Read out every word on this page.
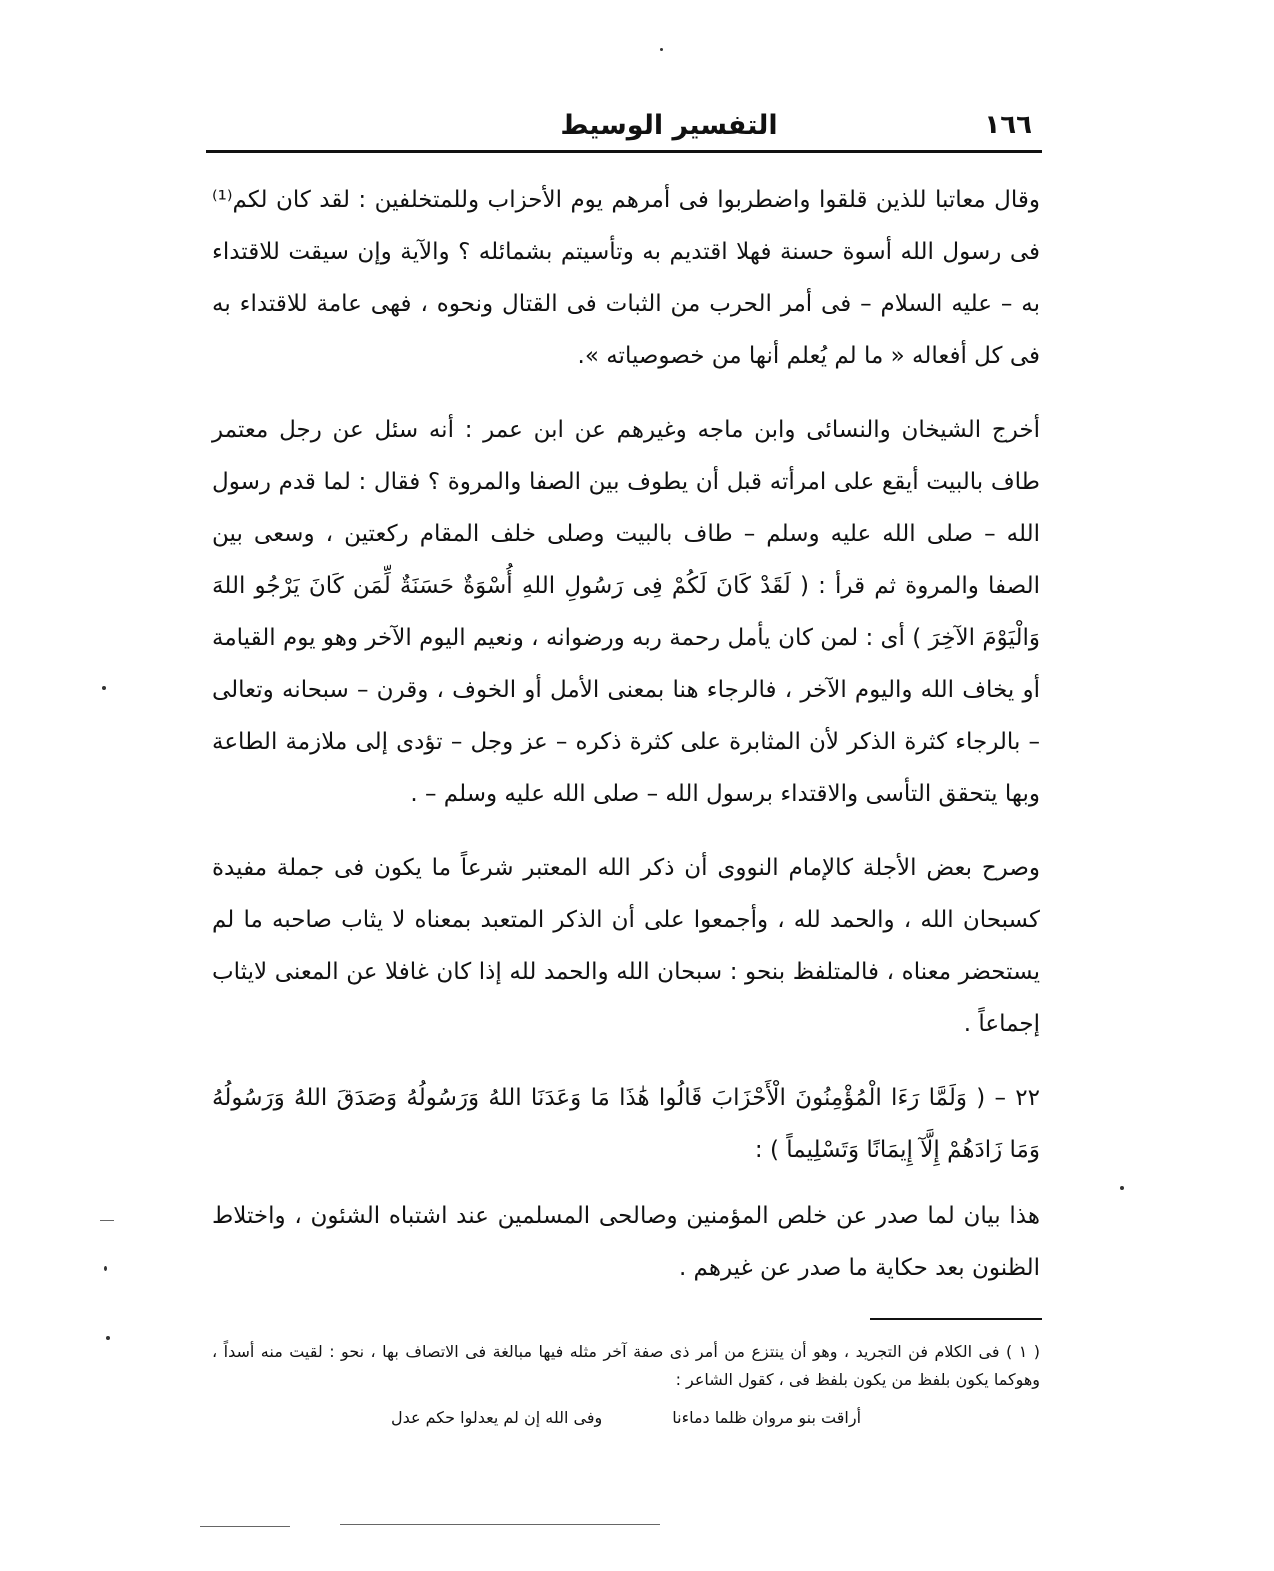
١٦٦
التفسير الوسيط

وقال معاتبا للذين قلقوا واضطربوا فى أمرهم يوم الأحزاب وللمتخلفين : لقد كان لكم⁽¹⁾ فى رسول الله أسوة حسنة فهلا اقتديم به وتأسيتم بشمائله ؟ والآية وإن سيقت للاقتداء به – عليه السلام – فى أمر الحرب من الثبات فى القتال ونحوه ، فهى عامة للاقتداء به فى كل أفعاله « ما لم يُعلم أنها من خصوصياته ».

أخرج الشيخان والنسائى وابن ماجه وغيرهم عن ابن عمر : أنه سئل عن رجل معتمر طاف بالبيت أيقع على امرأته قبل أن يطوف بين الصفا والمروة ؟ فقال : لما قدم رسول الله – صلى الله عليه وسلم – طاف بالبيت وصلى خلف المقام ركعتين ، وسعى بين الصفا والمروة ثم قرأ : ( لَقَدْ كَانَ لَكُمْ فِى رَسُولِ اللهِ أُسْوَةٌ حَسَنَةٌ لِّمَن كَانَ يَرْجُو اللهَ وَالْيَوْمَ الآخِرَ ) أى : لمن كان يأمل رحمة ربه ورضوانه ، ونعيم اليوم الآخر وهو يوم القيامة أو يخاف الله واليوم الآخر ، فالرجاء هنا بمعنى الأمل أو الخوف ، وقرن – سبحانه وتعالى – بالرجاء كثرة الذكر لأن المثابرة على كثرة ذكره – عز وجل – تؤدى إلى ملازمة الطاعة وبها يتحقق التأسى والاقتداء برسول الله – صلى الله عليه وسلم – .

وصرح بعض الأجلة كالإمام النووى أن ذكر الله المعتبر شرعاً ما يكون فى جملة مفيدة كسبحان الله ، والحمد لله ، وأجمعوا على أن الذكر المتعبد بمعناه لا يثاب صاحبه ما لم يستحضر معناه ، فالمتلفظ بنحو : سبحان الله والحمد لله إذا كان غافلا عن المعنى لايثاب إجماعاً .

٢٢ – ( وَلَمَّا رَءَا الْمُؤْمِنُونَ الْأَحْزَابَ قَالُوا هَٰذَا مَا وَعَدَنَا اللهُ وَرَسُولُهُ وَصَدَقَ اللهُ وَرَسُولُهُ وَمَا زَادَهُمْ إِلَّآ إِيمَانًا وَتَسْلِيماً ) :

هذا بيان لما صدر عن خلص المؤمنين وصالحى المسلمين عند اشتباه الشئون ، واختلاط الظنون بعد حكاية ما صدر عن غيرهم .

( ١ ) فى الكلام فن التجريد ، وهو أن ينتزع من أمر ذى صفة آخر مثله فيها مبالغة فى الاتصاف بها ، نحو : لقيت منه أسداً ، وهوكما يكون بلفظ من يكون بلفظ فى ، كقول الشاعر :

أراقت بنو مروان ظلما دماءنا
وفى الله إن لم يعدلوا حكم عدل
